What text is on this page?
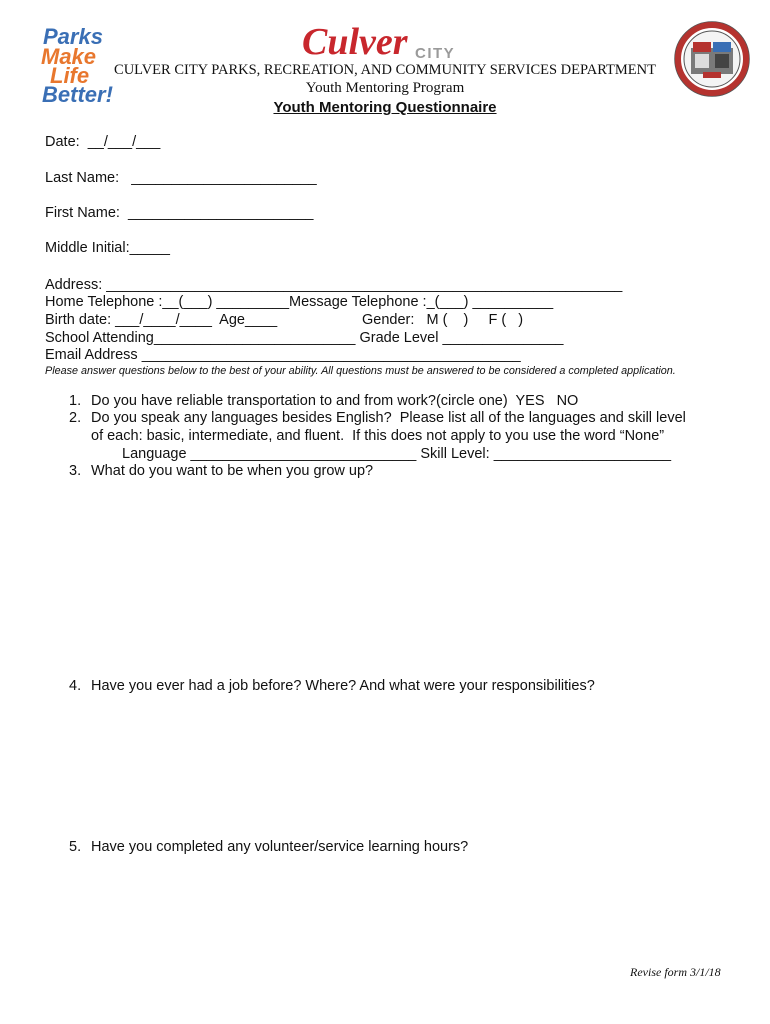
Parks
Make
Life
Better!
Culver CITY
CULVER CITY PARKS, RECREATION, AND COMMUNITY SERVICES DEPARTMENT
Youth Mentoring Program
Youth Mentoring Questionnaire
Date:  __/___/___
Last Name:   _______________________
First Name:  _______________________
Middle Initial:_____
Address: ________________________________________________________________
Home Telephone :__(___) _________Message Telephone :_(___) __________
Birth date: ___/____/____  Age____	Gender:   M (    )     F (   )
School Attending_________________________ Grade Level _______________
Email Address _______________________________________________
Please answer questions below to the best of your ability. All questions must be answered to be considered a completed application.
1. Do you have reliable transportation to and from work?(circle one)  YES   NO
2. Do you speak any languages besides English?  Please list all of the languages and skill level
of each: basic, intermediate, and fluent.  If this does not apply to you use the word “None”
Language ____________________________ Skill Level: ______________________
3. What do you want to be when you grow up?
4. Have you ever had a job before? Where? And what were your responsibilities?
5. Have you completed any volunteer/service learning hours?
Revise form 3/1/18
